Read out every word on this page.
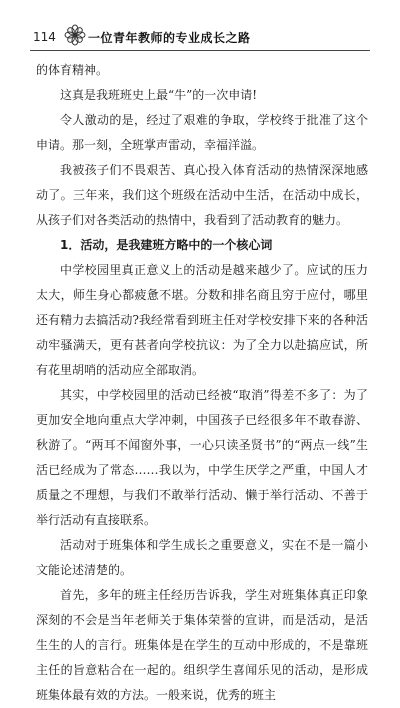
114	一位青年教师的专业成长之路

的体育精神。

这真是我班班史上最“牛”的一次申请!

令人激动的是，经过了艰难的争取，学校终于批准了这个申请。那一刻，全班掌声雷动，幸福洋溢。

我被孩子们不畏艰苦、真心投入体育活动的热情深深地感动了。三年来，我们这个班级在活动中生活，在活动中成长，从孩子们对各类活动的热情中，我看到了活动教育的魅力。

1．活动，是我建班方略中的一个核心词

中学校园里真正意义上的活动是越来越少了。应试的压力太大，师生身心都疲惫不堪。分数和排名商且穷于应付，哪里还有精力去搞活动?我经常看到班主任对学校安排下来的各种活动牢骚满天，更有甚者向学校抗议：为了全力以赴搞应试，所有花里胡哨的活动应全部取消。

其实，中学校园里的活动已经被“取消”得差不多了：为了更加安全地向重点大学冲刺，中国孩子已经很多年不敢春游、秋游了。“两耳不闻窗外事，一心只读圣贤书”的“两点一线”生活已经成为了常态……我以为，中学生厌学之严重，中国人才质量之不理想，与我们不敢举行活动、懒于举行活动、不善于举行活动有直接联系。

活动对于班集体和学生成长之重要意义，实在不是一篇小文能论述清楚的。

首先，多年的班主任经历告诉我，学生对班集体真正印象深刻的不会是当年老师关于集体荣誉的宣讲，而是活动，是活生生的人的言行。班集体是在学生的互动中形成的，不是靠班主任的旨意粘合在一起的。组织学生喜闻乐见的活动，是形成班集体最有效的方法。一般来说，优秀的班主
